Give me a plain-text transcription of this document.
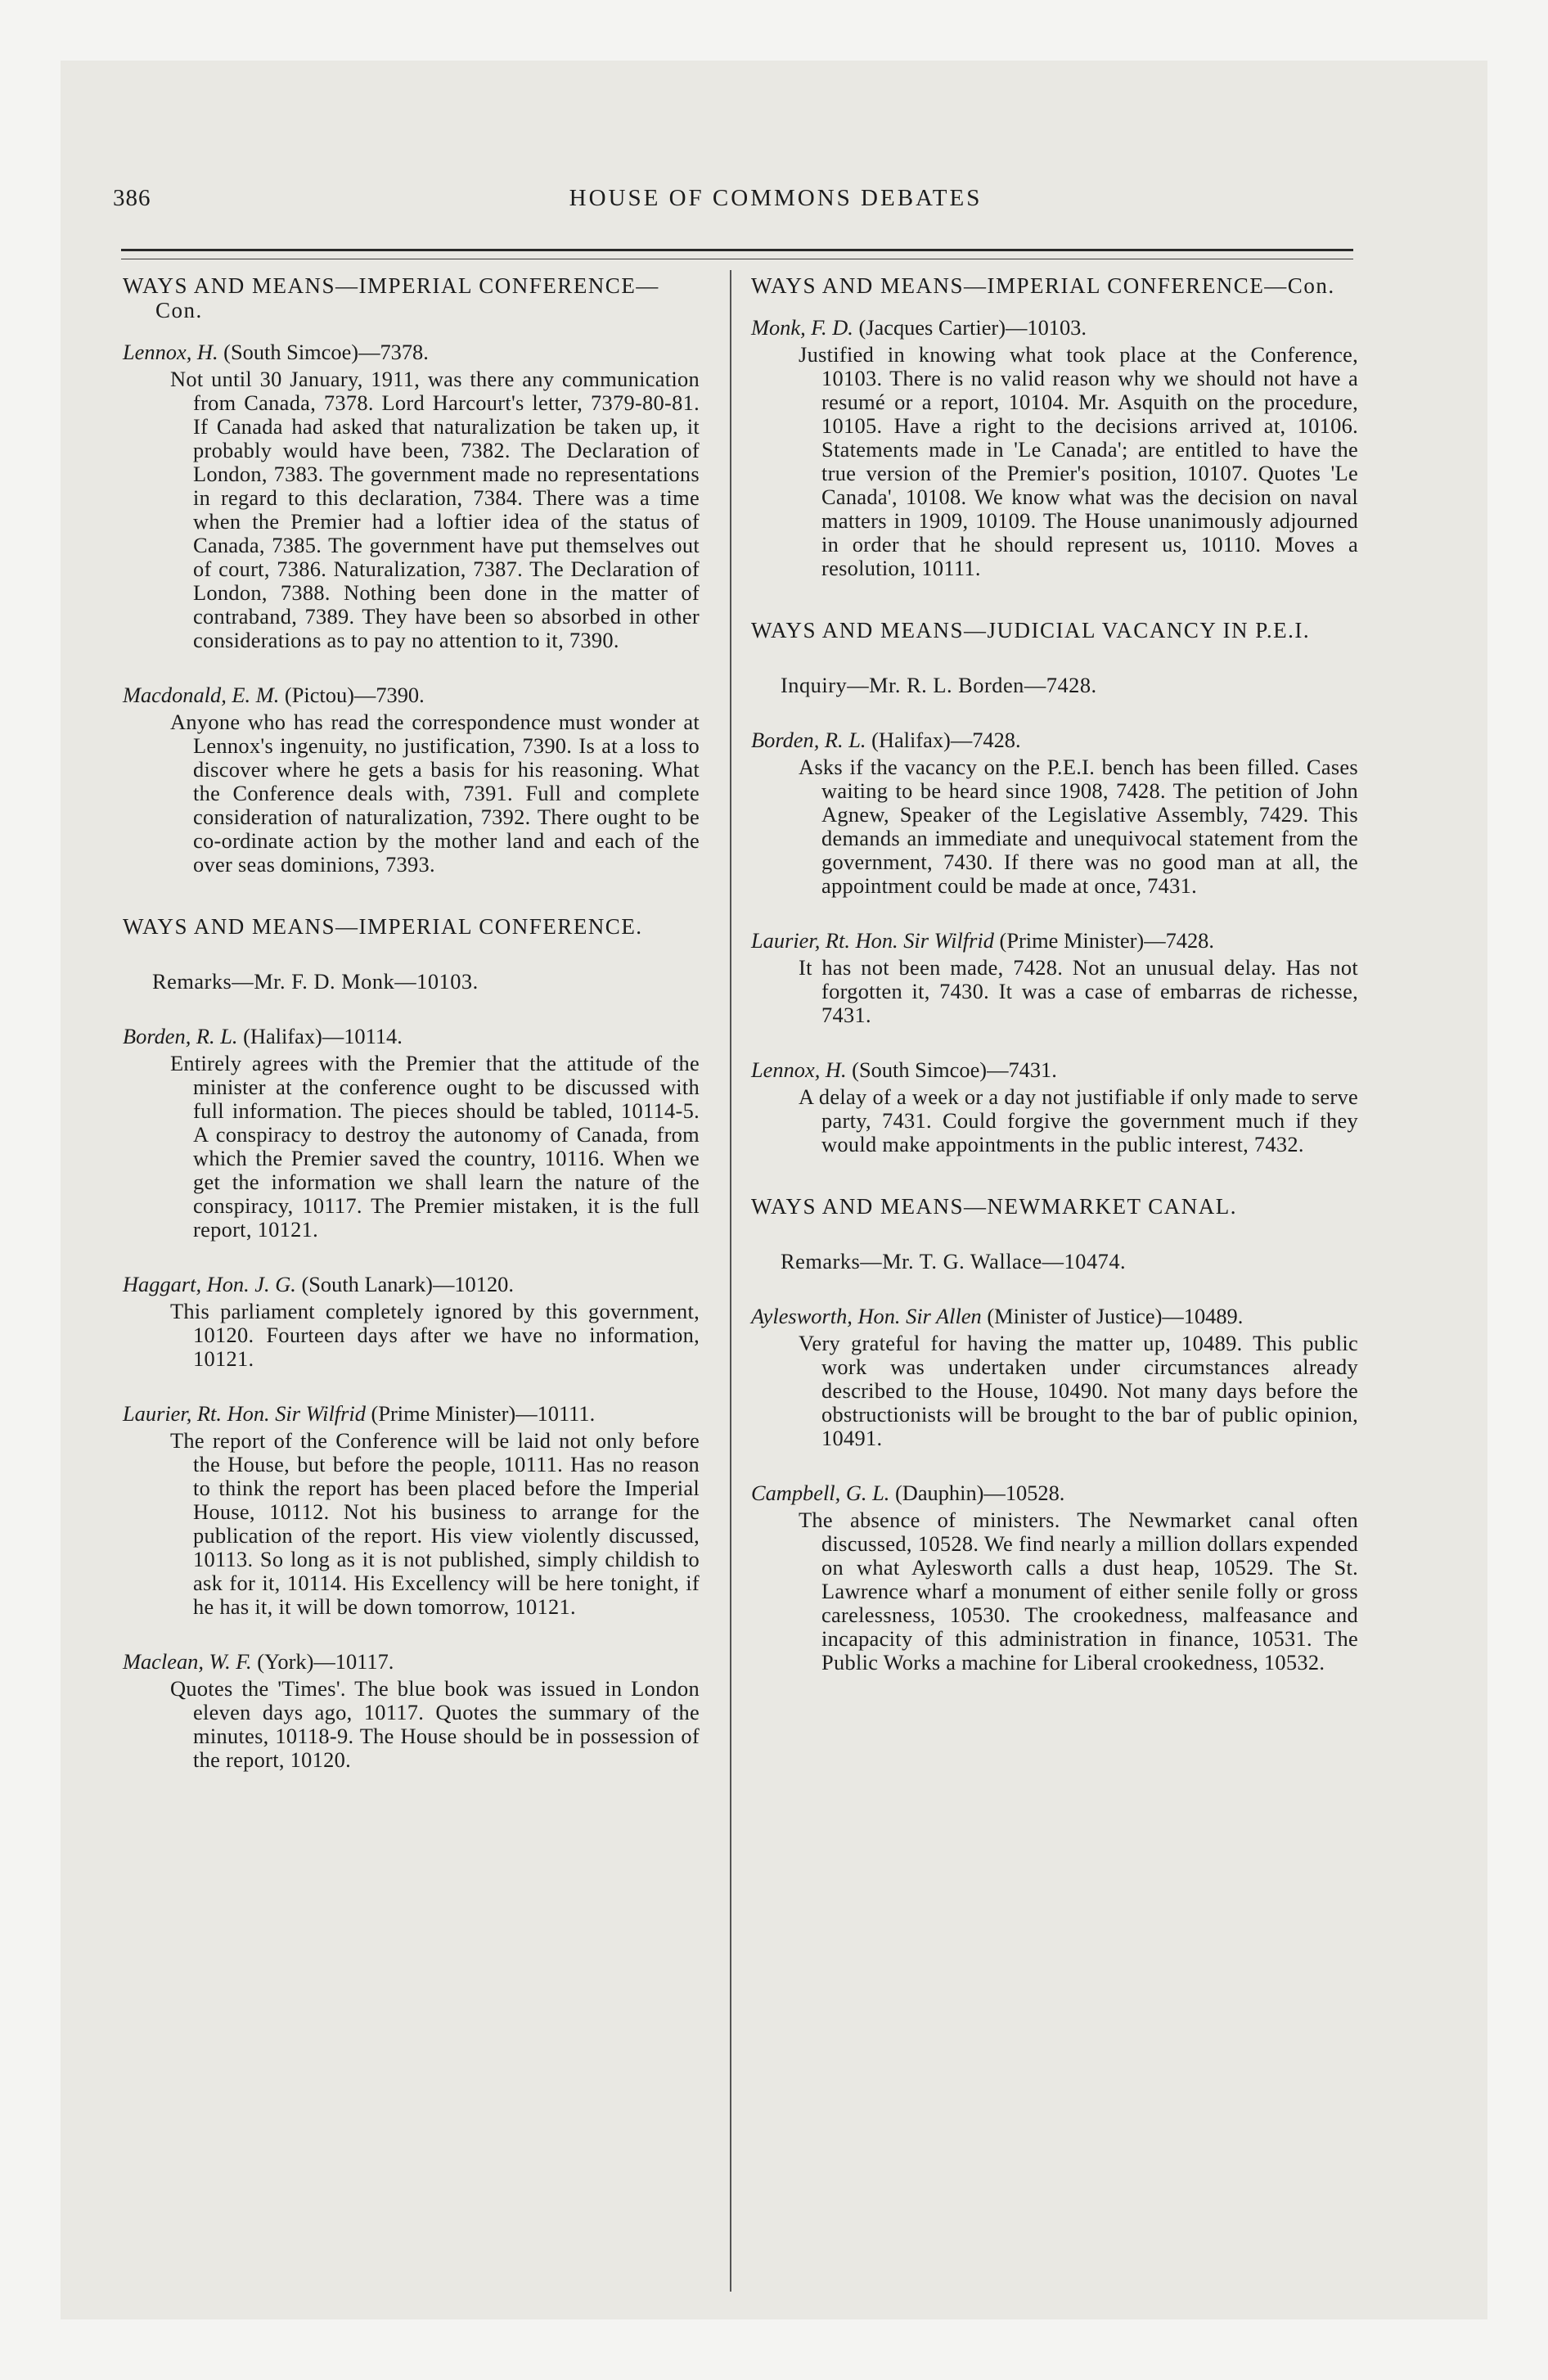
386	HOUSE OF COMMONS DEBATES

WAYS AND MEANS—IMPERIAL CONFERENCE—Con.

Lennox, H. (South Simcoe)—7378.

Not until 30 January, 1911, was there any communication from Canada, 7378. Lord Harcourt's letter, 7379-80-81. If Canada had asked that naturalization be taken up, it probably would have been, 7382. The Declaration of London, 7383. The government made no representations in regard to this declaration, 7384. There was a time when the Premier had a loftier idea of the status of Canada, 7385. The government have put themselves out of court, 7386. Naturalization, 7387. The Declaration of London, 7388. Nothing been done in the matter of contraband, 7389. They have been so absorbed in other considerations as to pay no attention to it, 7390.

Macdonald, E. M. (Pictou)—7390.

Anyone who has read the correspondence must wonder at Lennox's ingenuity, no justification, 7390. Is at a loss to discover where he gets a basis for his reasoning. What the Conference deals with, 7391. Full and complete consideration of naturalization, 7392. There ought to be co-ordinate action by the mother land and each of the over seas dominions, 7393.

WAYS AND MEANS—IMPERIAL CONFERENCE.

Remarks—Mr. F. D. Monk—10103.

Borden, R. L. (Halifax)—10114.

Entirely agrees with the Premier that the attitude of the minister at the conference ought to be discussed with full information. The pieces should be tabled, 10114-5. A conspiracy to destroy the autonomy of Canada, from which the Premier saved the country, 10116. When we get the information we shall learn the nature of the conspiracy, 10117. The Premier mistaken, it is the full report, 10121.

Haggart, Hon. J. G. (South Lanark)—10120.

This parliament completely ignored by this government, 10120. Fourteen days after we have no information, 10121.

Laurier, Rt. Hon. Sir Wilfrid (Prime Minister)—10111.

The report of the Conference will be laid not only before the House, but before the people, 10111. Has no reason to think the report has been placed before the Imperial House, 10112. Not his business to arrange for the publication of the report. His view violently discussed, 10113. So long as it is not published, simply childish to ask for it, 10114. His Excellency will be here tonight, if he has it, it will be down tomorrow, 10121.

Maclean, W. F. (York)—10117.

Quotes the 'Times'. The blue book was issued in London eleven days ago, 10117. Quotes the summary of the minutes, 10118-9. The House should be in possession of the report, 10120.

WAYS AND MEANS—IMPERIAL CONFERENCE—Con.

Monk, F. D. (Jacques Cartier)—10103.

Justified in knowing what took place at the Conference, 10103. There is no valid reason why we should not have a resumé or a report, 10104. Mr. Asquith on the procedure, 10105. Have a right to the decisions arrived at, 10106. Statements made in 'Le Canada'; are entitled to have the true version of the Premier's position, 10107. Quotes 'Le Canada', 10108. We know what was the decision on naval matters in 1909, 10109. The House unanimously adjourned in order that he should represent us, 10110. Moves a resolution, 10111.

WAYS AND MEANS—JUDICIAL VACANCY IN P.E.I.

Inquiry—Mr. R. L. Borden—7428.

Borden, R. L. (Halifax)—7428.

Asks if the vacancy on the P.E.I. bench has been filled. Cases waiting to be heard since 1908, 7428. The petition of John Agnew, Speaker of the Legislative Assembly, 7429. This demands an immediate and unequivocal statement from the government, 7430. If there was no good man at all, the appointment could be made at once, 7431.

Laurier, Rt. Hon. Sir Wilfrid (Prime Minister)—7428.

It has not been made, 7428. Not an unusual delay. Has not forgotten it, 7430. It was a case of embarras de richesse, 7431.

Lennox, H. (South Simcoe)—7431.

A delay of a week or a day not justifiable if only made to serve party, 7431. Could forgive the government much if they would make appointments in the public interest, 7432.

WAYS AND MEANS—NEWMARKET CANAL.

Remarks—Mr. T. G. Wallace—10474.

Aylesworth, Hon. Sir Allen (Minister of Justice)—10489.

Very grateful for having the matter up, 10489. This public work was undertaken under circumstances already described to the House, 10490. Not many days before the obstructionists will be brought to the bar of public opinion, 10491.

Campbell, G. L. (Dauphin)—10528.

The absence of ministers. The Newmarket canal often discussed, 10528. We find nearly a million dollars expended on what Aylesworth calls a dust heap, 10529. The St. Lawrence wharf a monument of either senile folly or gross carelessness, 10530. The crookedness, malfeasance and incapacity of this administration in finance, 10531. The Public Works a machine for Liberal crookedness, 10532.
